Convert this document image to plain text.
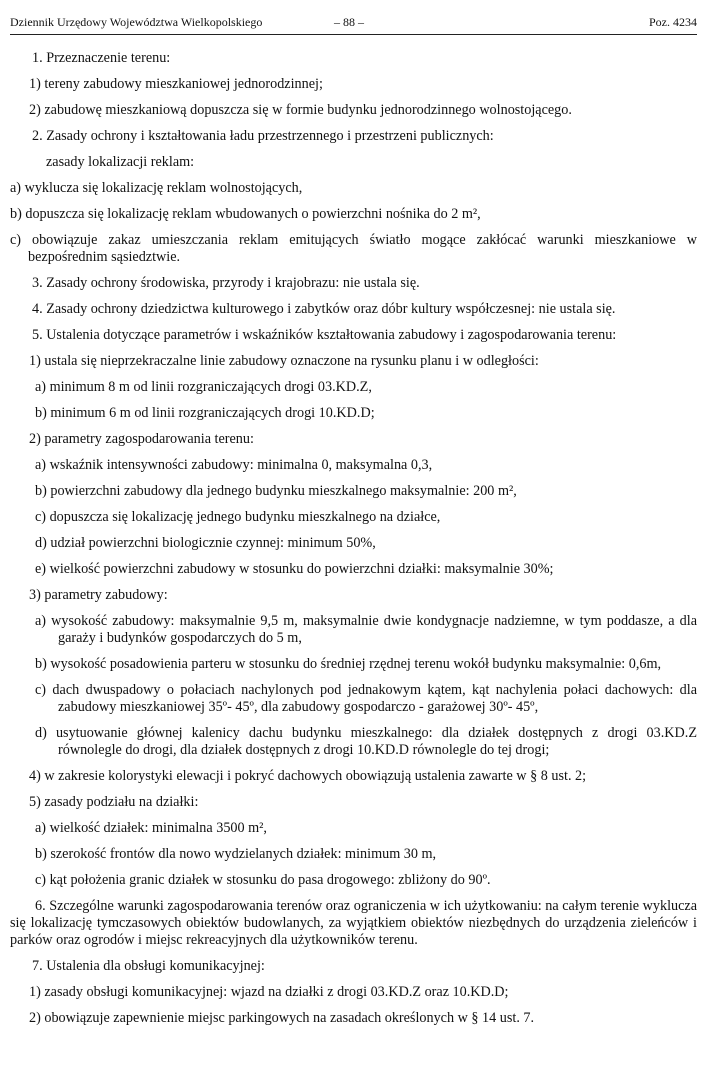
Dziennik Urzędowy Województwa Wielkopolskiego	– 88 –	Poz. 4234

1. Przeznaczenie terenu:

1) tereny zabudowy mieszkaniowej jednorodzinnej;

2) zabudowę mieszkaniową dopuszcza się w formie budynku jednorodzinnego wolnostojącego.

2. Zasady ochrony i kształtowania ładu przestrzennego i przestrzeni publicznych:

zasady lokalizacji reklam:

a) wyklucza się lokalizację reklam wolnostojących,

b) dopuszcza się lokalizację reklam wbudowanych o powierzchni nośnika do 2 m²,

c) obowiązuje zakaz umieszczania reklam emitujących światło mogące zakłócać warunki mieszkaniowe w bezpośrednim sąsiedztwie.

3. Zasady ochrony środowiska, przyrody i krajobrazu: nie ustala się.

4. Zasady ochrony dziedzictwa kulturowego i zabytków oraz dóbr kultury współczesnej: nie ustala się.

5. Ustalenia dotyczące parametrów i wskaźników kształtowania zabudowy i zagospodarowania terenu:

1) ustala się nieprzekraczalne linie zabudowy oznaczone na rysunku planu i w odległości:

a) minimum 8 m od linii rozgraniczających drogi 03.KD.Z,

b) minimum 6 m od linii rozgraniczających drogi 10.KD.D;

2) parametry zagospodarowania terenu:

a) wskaźnik intensywności zabudowy: minimalna 0, maksymalna 0,3,

b) powierzchni zabudowy dla jednego budynku mieszkalnego maksymalnie: 200 m²,

c) dopuszcza się lokalizację jednego budynku mieszkalnego na działce,

d) udział powierzchni biologicznie czynnej: minimum 50%,

e) wielkość powierzchni zabudowy w stosunku do powierzchni działki: maksymalnie 30%;

3) parametry zabudowy:

a) wysokość zabudowy: maksymalnie 9,5 m, maksymalnie dwie kondygnacje nadziemne, w tym poddasze, a dla garaży i budynków gospodarczych do 5 m,

b) wysokość posadowienia parteru w stosunku do średniej rzędnej terenu wokół budynku maksymalnie: 0,6m,

c) dach dwuspadowy o połaciach nachylonych pod jednakowym kątem, kąt nachylenia połaci dachowych: dla zabudowy mieszkaniowej 35º- 45º, dla zabudowy gospodarczo - garażowej 30º- 45º,

d) usytuowanie głównej kalenicy dachu budynku mieszkalnego: dla działek dostępnych z drogi 03.KD.Z równolegle do drogi, dla działek dostępnych z drogi 10.KD.D równolegle do tej drogi;

4) w zakresie kolorystyki elewacji i pokryć dachowych obowiązują ustalenia zawarte w § 8 ust. 2;

5) zasady podziału na działki:

a) wielkość działek: minimalna 3500 m²,

b) szerokość frontów dla nowo wydzielanych działek: minimum 30 m,

c) kąt położenia granic działek w stosunku do pasa drogowego: zbliżony do 90º.

6. Szczególne warunki zagospodarowania terenów oraz ograniczenia w ich użytkowaniu: na całym terenie wyklucza się lokalizację tymczasowych obiektów budowlanych, za wyjątkiem obiektów niezbędnych do urządzenia zieleńców i parków oraz ogrodów i miejsc rekreacyjnych dla użytkowników terenu.

7. Ustalenia dla obsługi komunikacyjnej:

1) zasady obsługi komunikacyjnej: wjazd na działki z drogi 03.KD.Z oraz 10.KD.D;

2) obowiązuje zapewnienie miejsc parkingowych na zasadach określonych w § 14 ust. 7.
